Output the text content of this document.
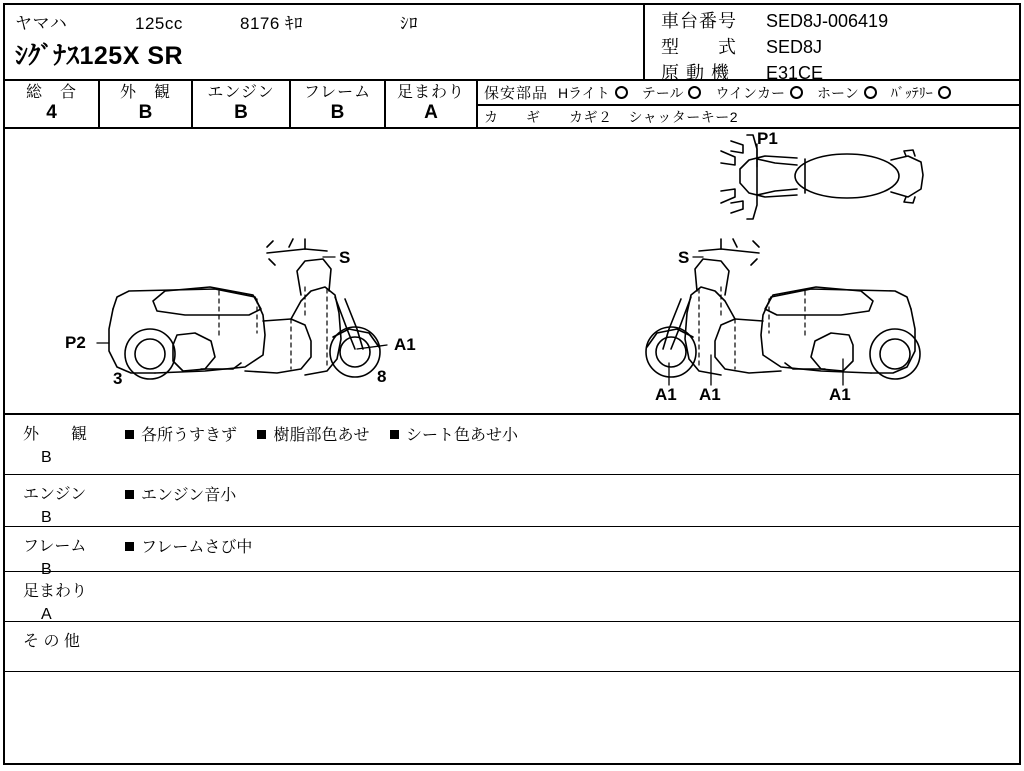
ヤマハ	125cc	8176 ｷﾛ	ｼﾛ
ｼｸﾞﾅｽ125X SR
車台番号	SED8J-006419
型　　式	SED8J
原 動 機	E31CE
総　合
4
外　観
B
エンジン
B
フレーム
B
足まわり
A
保安部品 Hライト テール ウインカー ホーン ﾊﾞｯﾃﾘｰ
カ　ギ カギ２ シャッターキー2
P1
S	S
A1
P2
3	8
A1 A1	A1
外　観
B
各所うすきず 樹脂部色あせ シート色あせ小
エンジン
B
エンジン音小
フレーム
B
フレームさび中
足まわり
A
そ の 他
